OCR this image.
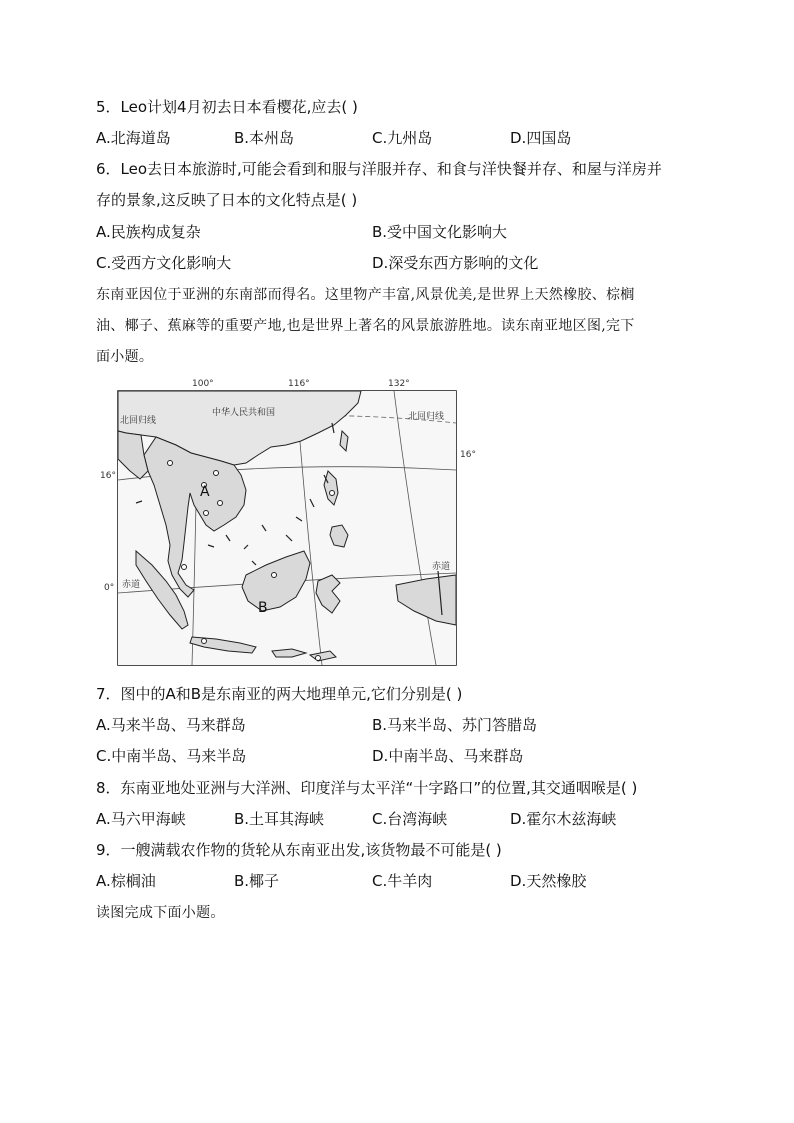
5．Leo计划4月初去日本看樱花,应去( )
A.北海道岛	B.本州岛	C.九州岛	D.四国岛
6．Leo去日本旅游时,可能会看到和服与洋服并存、和食与洋快餐并存、和屋与洋房并
存的景象,这反映了日本的文化特点是( )
A.民族构成复杂	B.受中国文化影响大
C.受西方文化影响大	D.深受东西方影响的文化
东南亚因位于亚洲的东南部而得名。这里物产丰富,风景优美,是世界上天然橡胶、棕榈
油、椰子、蕉麻等的重要产地,也是世界上著名的风景旅游胜地。读东南亚地区图,完下
面小题。
100°	116°	132°
中华人民共和国
北回归线	北回归线
16°
16°
0° 赤道
赤道
A
B
7．图中的A和B是东南亚的两大地理单元,它们分别是( )
A.马来半岛、马来群岛	B.马来半岛、苏门答腊岛
C.中南半岛、马来半岛	D.中南半岛、马来群岛
8．东南亚地处亚洲与大洋洲、印度洋与太平洋“十字路口”的位置,其交通咽喉是( )
A.马六甲海峡	B.土耳其海峡	C.台湾海峡	D.霍尔木兹海峡
9．一艘满载农作物的货轮从东南亚出发,该货物最不可能是( )
A.棕榈油	B.椰子	C.牛羊肉	D.天然橡胶
读图完成下面小题。
